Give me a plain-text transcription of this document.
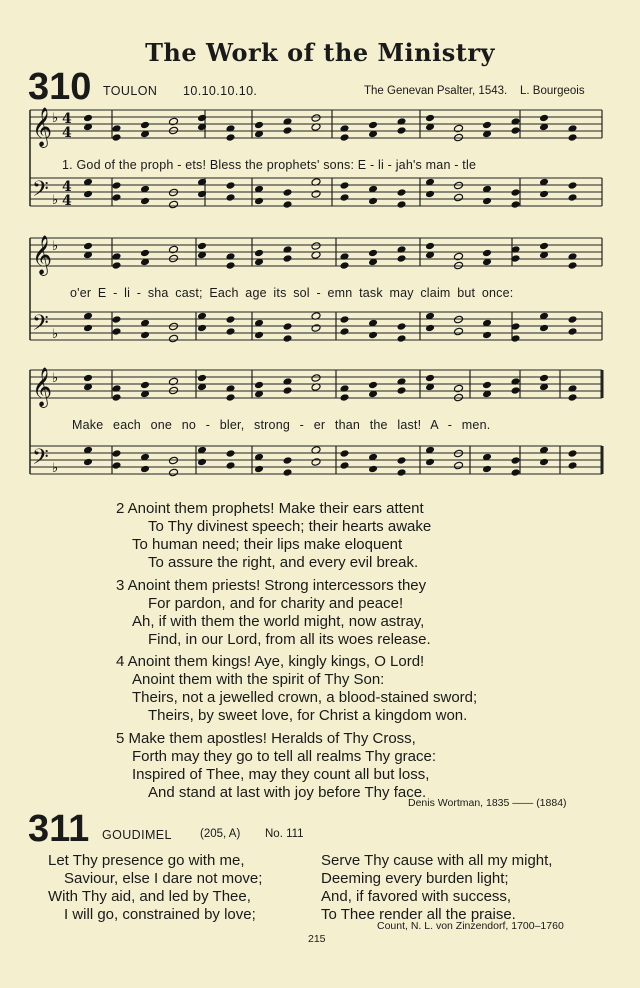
The Work of the Ministry
310 TOULON 10.10.10.10.	The Genevan Psalter, 1543. L. Bourgeois
𝄞 ♭ 4
4
𝄢 ♭
4
4
𝄞 ♭
𝄢 ♭
𝄞 ♭
𝄢 ♭
1. God of the proph - ets! Bless the prophets' sons: E - li - jah's man - tle
o'er E - li - sha cast; Each age its sol - emn task may claim but once:
Make each one no - bler, strong - er than the last! A - men.
2 Anoint them prophets! Make their ears attent
To Thy divinest speech; their hearts awake
To human need; their lips make eloquent
To assure the right, and every evil break.
3 Anoint them priests! Strong intercessors they
For pardon, and for charity and peace!
Ah, if with them the world might, now astray,
Find, in our Lord, from all its woes release.
4 Anoint them kings! Aye, kingly kings, O Lord!
Anoint them with the spirit of Thy Son:
Theirs, not a jewelled crown, a blood-stained sword;
Theirs, by sweet love, for Christ a kingdom won.
5 Make them apostles! Heralds of Thy Cross,
Forth may they go to tell all realms Thy grace:
Inspired of Thee, may they count all but loss,
And stand at last with joy before Thy face.
Denis Wortman, 1835 —— (1884)
311 GOUDIMEL (205, A) No. 111
Let Thy presence go with me,
Saviour, else I dare not move;
With Thy aid, and led by Thee,
I will go, constrained by love;
Serve Thy cause with all my might,
Deeming every burden light;
And, if favored with success,
To Thee render all the praise.
Count, N. L. von Zinzendorf, 1700–1760
215
